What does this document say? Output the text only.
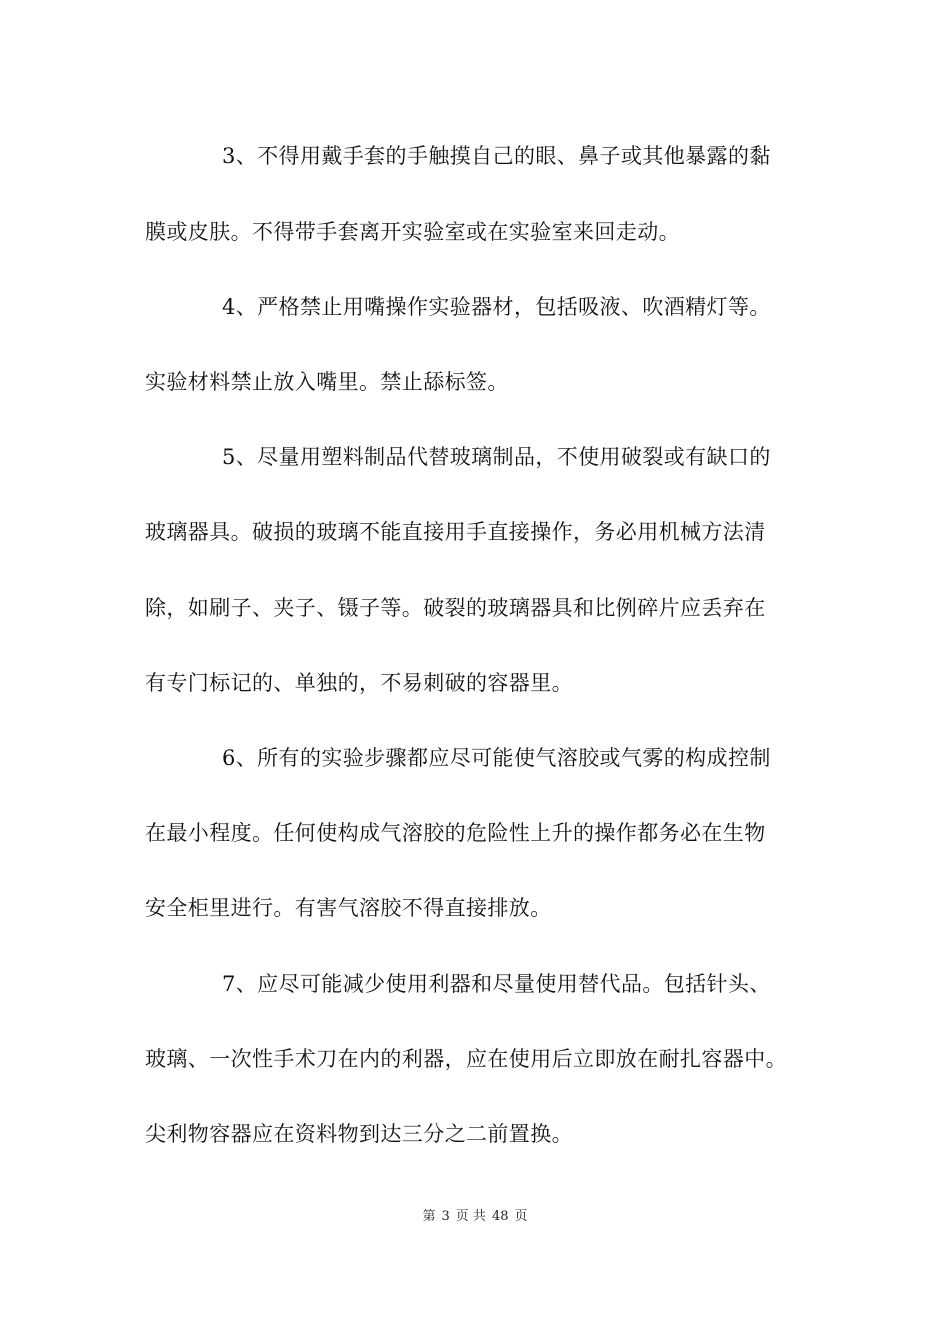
3、不得用戴手套的手触摸自己的眼、鼻子或其他暴露的黏
膜或皮肤。不得带手套离开实验室或在实验室来回走动。
4、严格禁止用嘴操作实验器材，包括吸液、吹酒精灯等。
实验材料禁止放入嘴里。禁止舔标签。
5、尽量用塑料制品代替玻璃制品，不使用破裂或有缺口的
玻璃器具。破损的玻璃不能直接用手直接操作，务必用机械方法清
除，如刷子、夹子、镊子等。破裂的玻璃器具和比例碎片应丢弃在
有专门标记的、单独的，不易刺破的容器里。
6、所有的实验步骤都应尽可能使气溶胶或气雾的构成控制
在最小程度。任何使构成气溶胶的危险性上升的操作都务必在生物
安全柜里进行。有害气溶胶不得直接排放。
7、应尽可能减少使用利器和尽量使用替代品。包括针头、
玻璃、一次性手术刀在内的利器，应在使用后立即放在耐扎容器中。
尖利物容器应在资料物到达三分之二前置换。
第 3 页 共 48 页
